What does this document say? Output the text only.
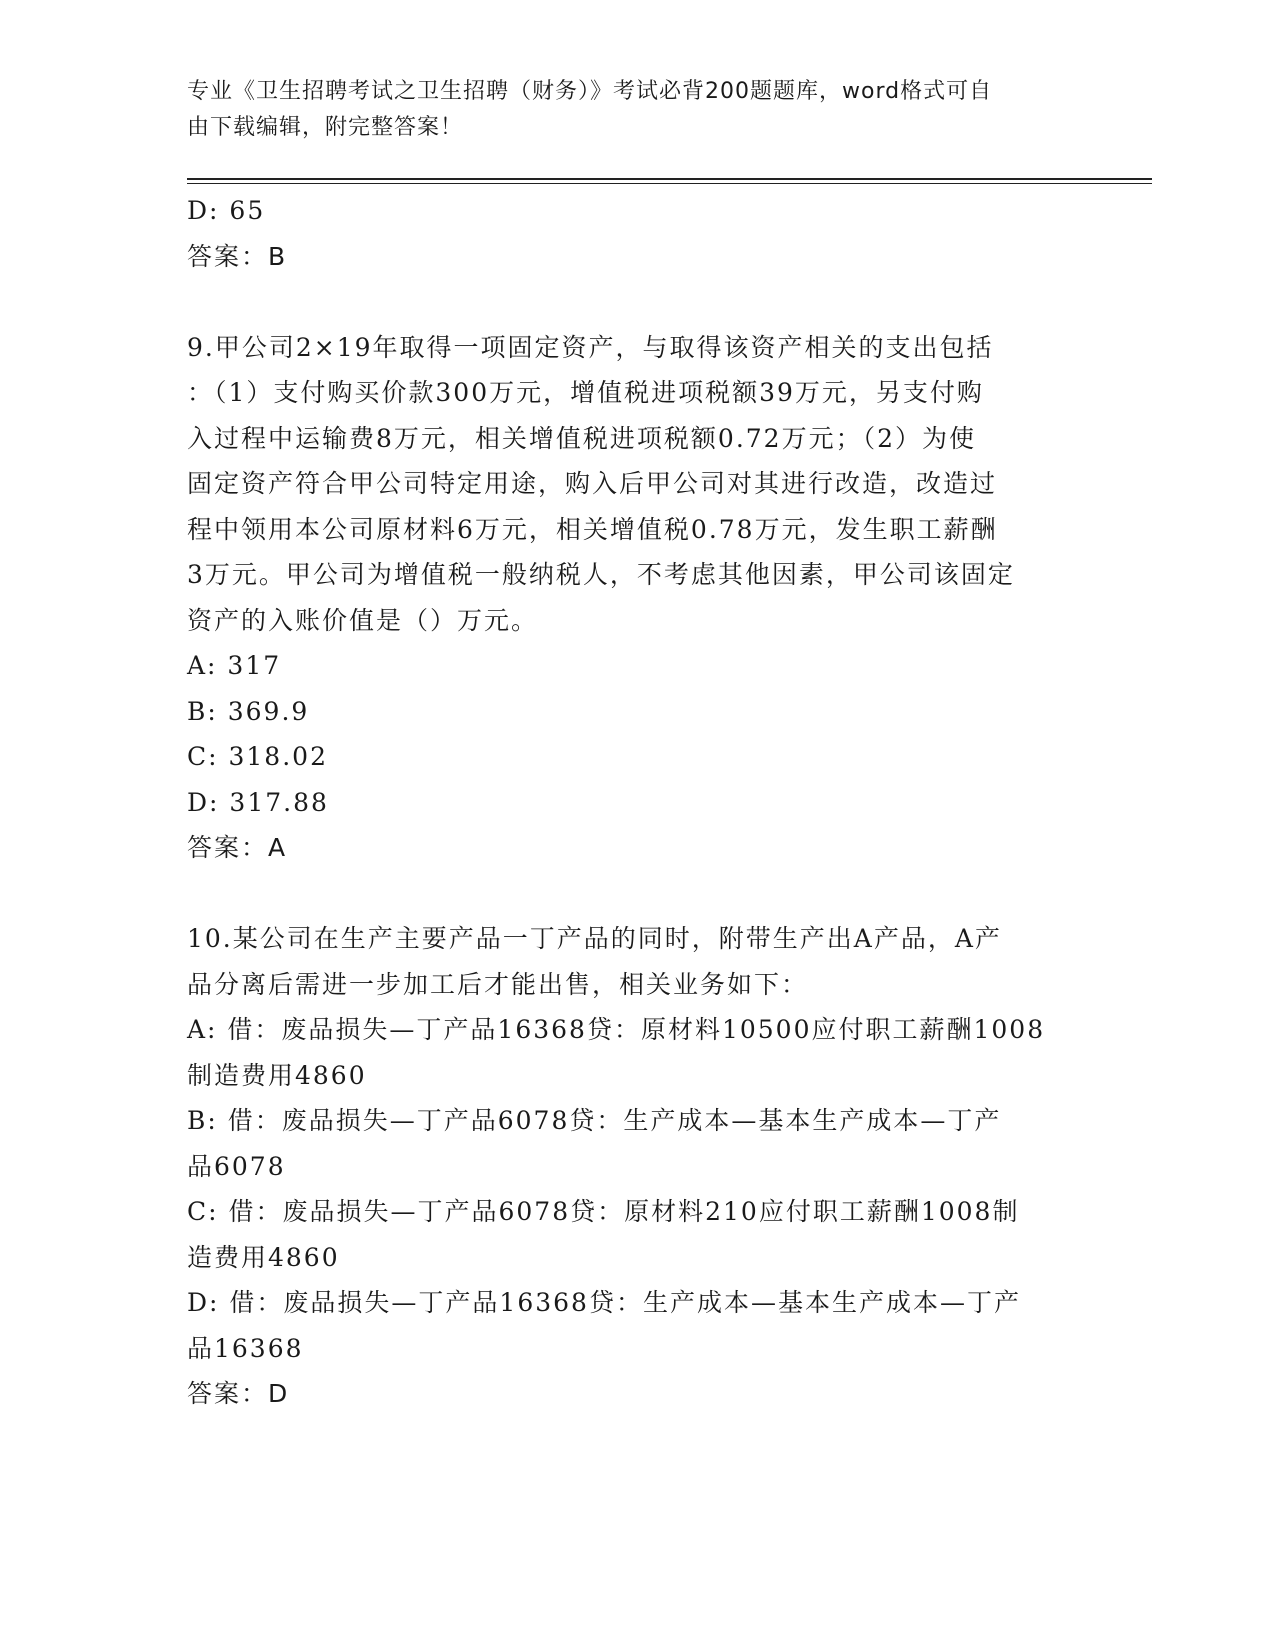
专业《卫生招聘考试之卫生招聘（财务）》考试必背200题题库，word格式可自
由下载编辑，附完整答案！
D: 65
答案：B
9.甲公司2×19年取得一项固定资产，与取得该资产相关的支出包括
：（1）支付购买价款300万元，增值税进项税额39万元，另支付购
入过程中运输费8万元，相关增值税进项税额0.72万元；（2）为使
固定资产符合甲公司特定用途，购入后甲公司对其进行改造，改造过
程中领用本公司原材料6万元，相关增值税0.78万元，发生职工薪酬
3万元。甲公司为增值税一般纳税人，不考虑其他因素，甲公司该固定
资产的入账价值是（）万元。
A: 317
B: 369.9
C: 318.02
D: 317.88
答案：A
10.某公司在生产主要产品一丁产品的同时，附带生产出A产品，A产
品分离后需进一步加工后才能出售，相关业务如下：
A: 借：废品损失—丁产品16368贷：原材料10500应付职工薪酬1008
制造费用4860
B: 借：废品损失—丁产品6078贷：生产成本—基本生产成本—丁产
品6078
C: 借：废品损失—丁产品6078贷：原材料210应付职工薪酬1008制
造费用4860
D: 借：废品损失—丁产品16368贷：生产成本—基本生产成本—丁产
品16368
答案：D
